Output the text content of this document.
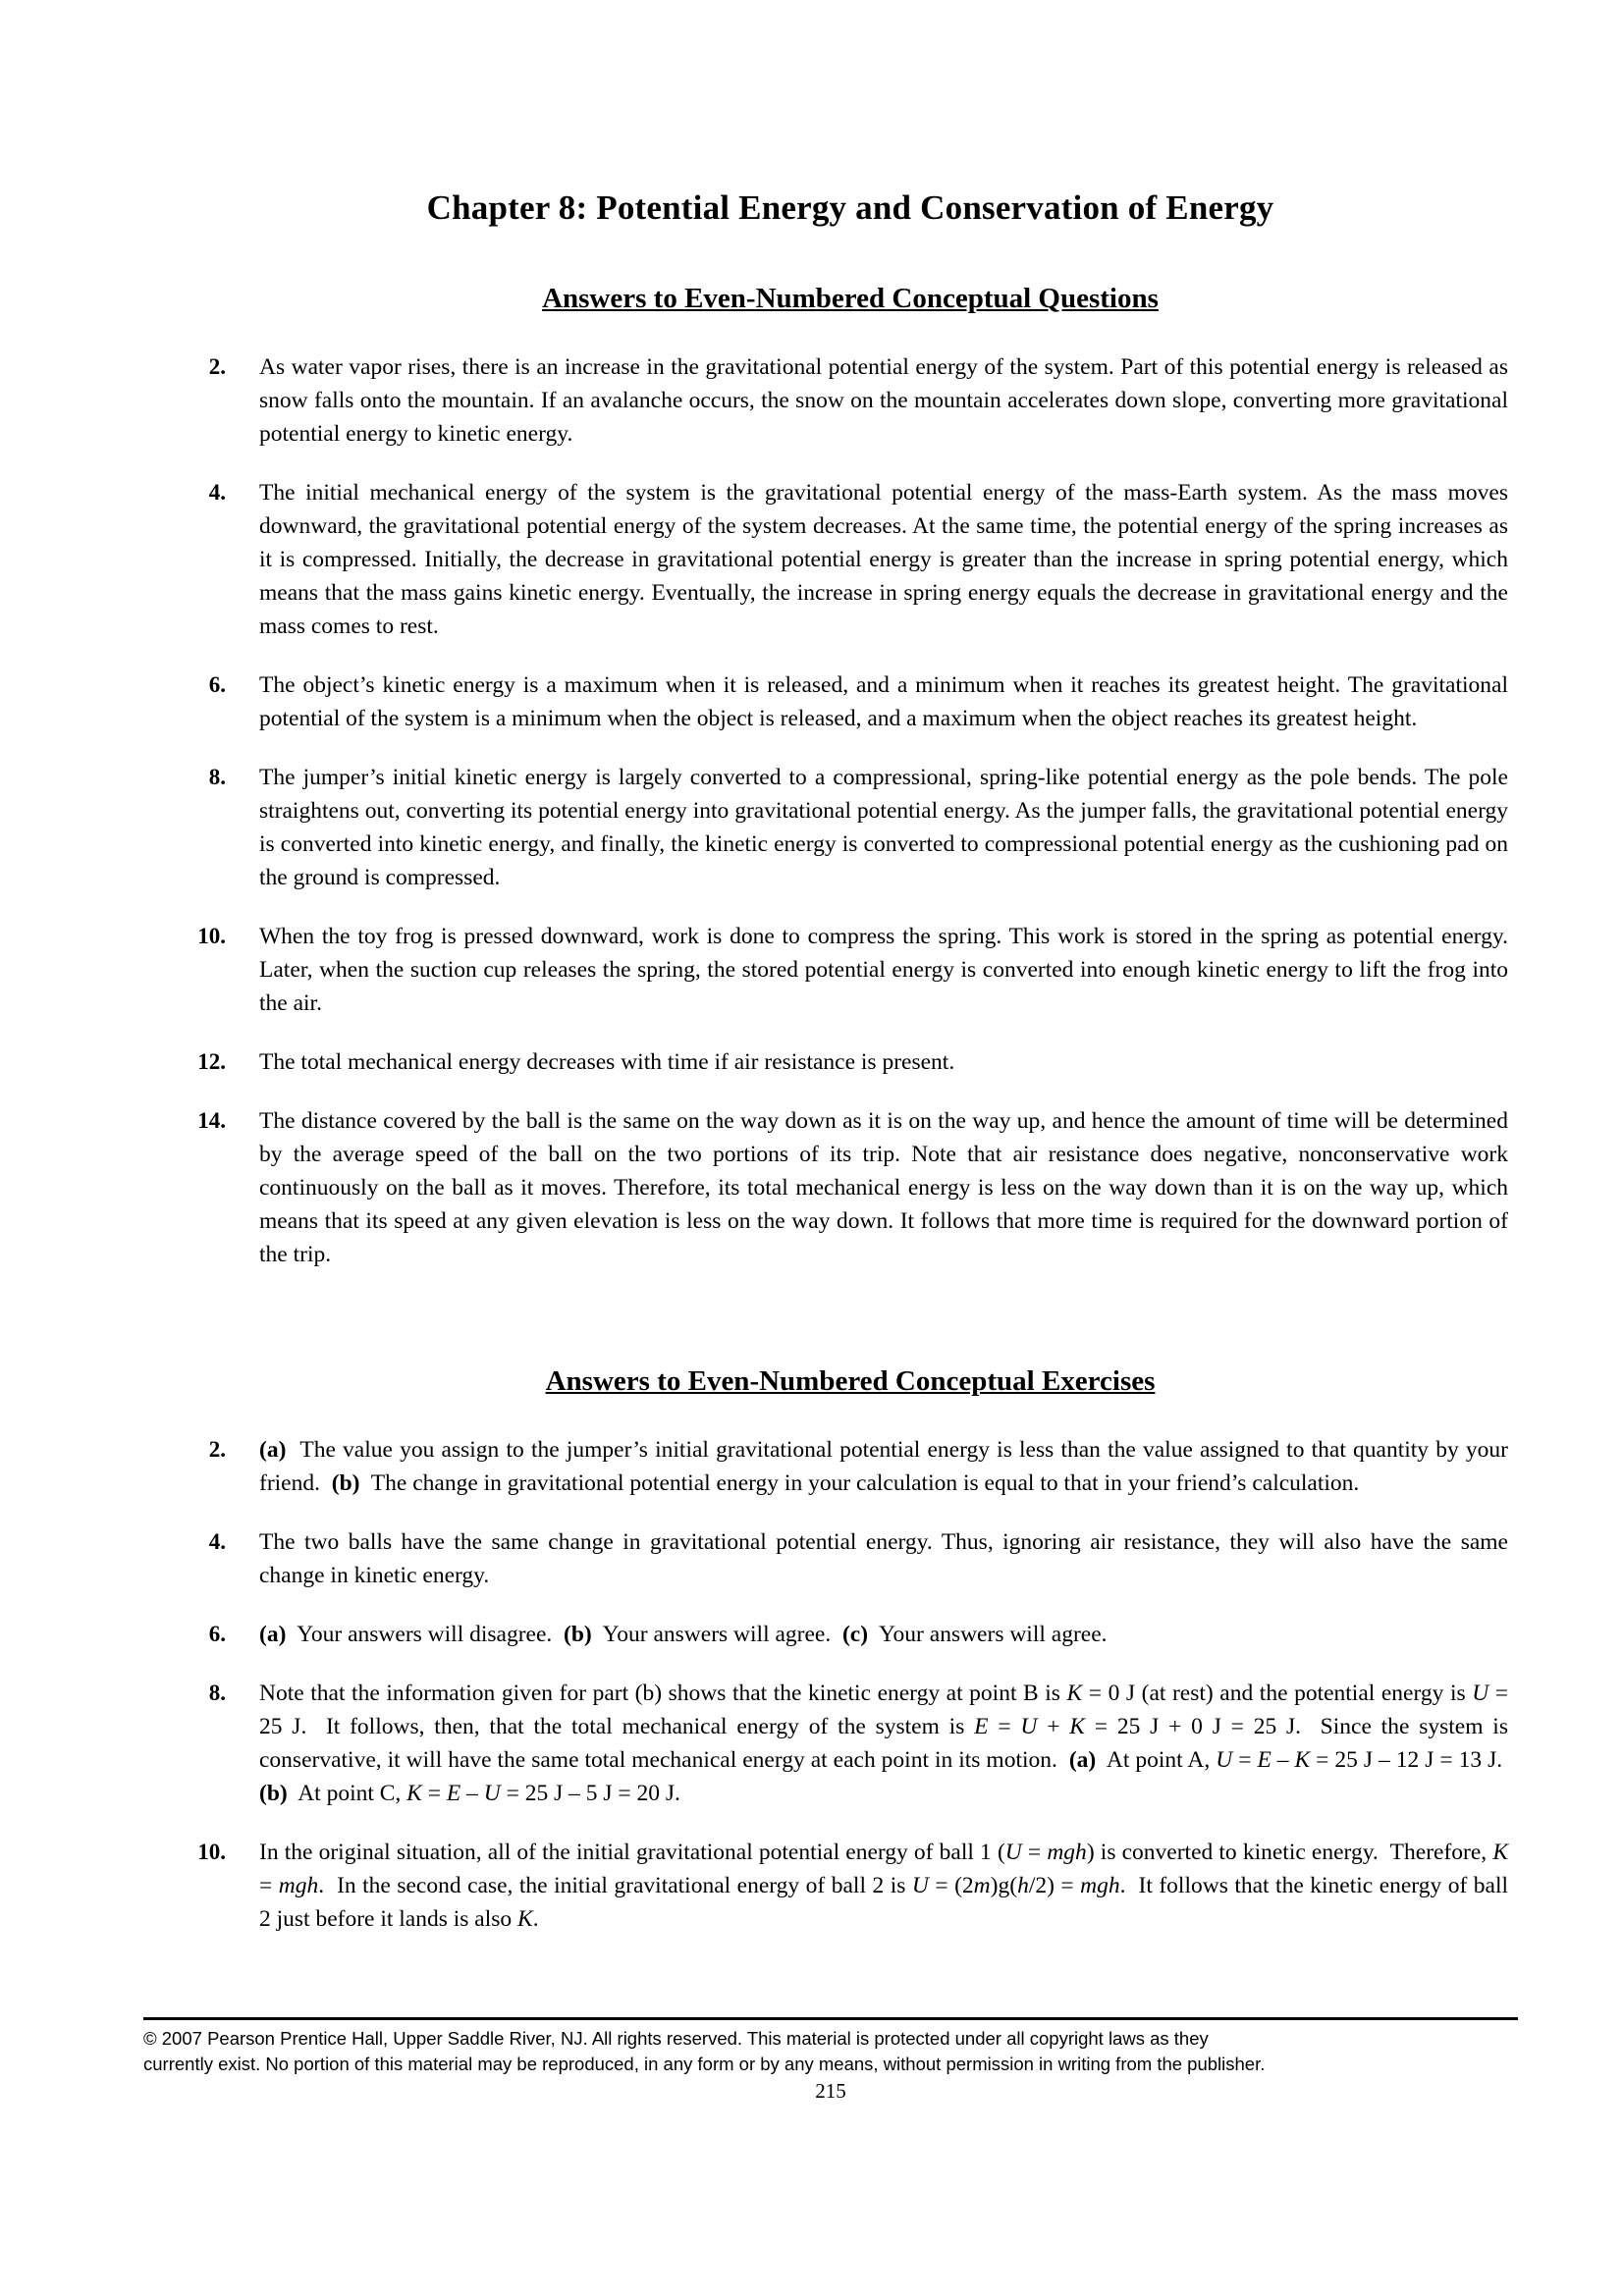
Chapter 8: Potential Energy and Conservation of Energy
Answers to Even-Numbered Conceptual Questions
2.	As water vapor rises, there is an increase in the gravitational potential energy of the system. Part of this potential energy is released as snow falls onto the mountain. If an avalanche occurs, the snow on the mountain accelerates down slope, converting more gravitational potential energy to kinetic energy.
4.	The initial mechanical energy of the system is the gravitational potential energy of the mass-Earth system. As the mass moves downward, the gravitational potential energy of the system decreases. At the same time, the potential energy of the spring increases as it is compressed. Initially, the decrease in gravitational potential energy is greater than the increase in spring potential energy, which means that the mass gains kinetic energy. Eventually, the increase in spring energy equals the decrease in gravitational energy and the mass comes to rest.
6.	The object’s kinetic energy is a maximum when it is released, and a minimum when it reaches its greatest height. The gravitational potential of the system is a minimum when the object is released, and a maximum when the object reaches its greatest height.
8.	The jumper’s initial kinetic energy is largely converted to a compressional, spring-like potential energy as the pole bends. The pole straightens out, converting its potential energy into gravitational potential energy. As the jumper falls, the gravitational potential energy is converted into kinetic energy, and finally, the kinetic energy is converted to compressional potential energy as the cushioning pad on the ground is compressed.
10.	When the toy frog is pressed downward, work is done to compress the spring. This work is stored in the spring as potential energy. Later, when the suction cup releases the spring, the stored potential energy is converted into enough kinetic energy to lift the frog into the air.
12.	The total mechanical energy decreases with time if air resistance is present.
14.	The distance covered by the ball is the same on the way down as it is on the way up, and hence the amount of time will be determined by the average speed of the ball on the two portions of its trip. Note that air resistance does negative, nonconservative work continuously on the ball as it moves. Therefore, its total mechanical energy is less on the way down than it is on the way up, which means that its speed at any given elevation is less on the way down. It follows that more time is required for the downward portion of the trip.
Answers to Even-Numbered Conceptual Exercises
2.	(a)  The value you assign to the jumper’s initial gravitational potential energy is less than the value assigned to that quantity by your friend.  (b)  The change in gravitational potential energy in your calculation is equal to that in your friend’s calculation.
4.	The two balls have the same change in gravitational potential energy. Thus, ignoring air resistance, they will also have the same change in kinetic energy.
6.	(a)  Your answers will disagree.  (b)  Your answers will agree.  (c)  Your answers will agree.
8.	Note that the information given for part (b) shows that the kinetic energy at point B is K = 0 J (at rest) and the potential energy is U = 25 J.  It follows, then, that the total mechanical energy of the system is E = U + K = 25 J + 0 J = 25 J.  Since the system is conservative, it will have the same total mechanical energy at each point in its motion.  (a)  At point A, U = E – K = 25 J – 12 J = 13 J.  (b)  At point C, K = E – U = 25 J – 5 J = 20 J.
10.	In the original situation, all of the initial gravitational potential energy of ball 1 (U = mgh) is converted to kinetic energy.  Therefore, K = mgh.  In the second case, the initial gravitational energy of ball 2 is U = (2m)g(h/2) = mgh.  It follows that the kinetic energy of ball 2 just before it lands is also K.
© 2007 Pearson Prentice Hall, Upper Saddle River, NJ. All rights reserved. This material is protected under all copyright laws as they
currently exist. No portion of this material may be reproduced, in any form or by any means, without permission in writing from the publisher.
215
